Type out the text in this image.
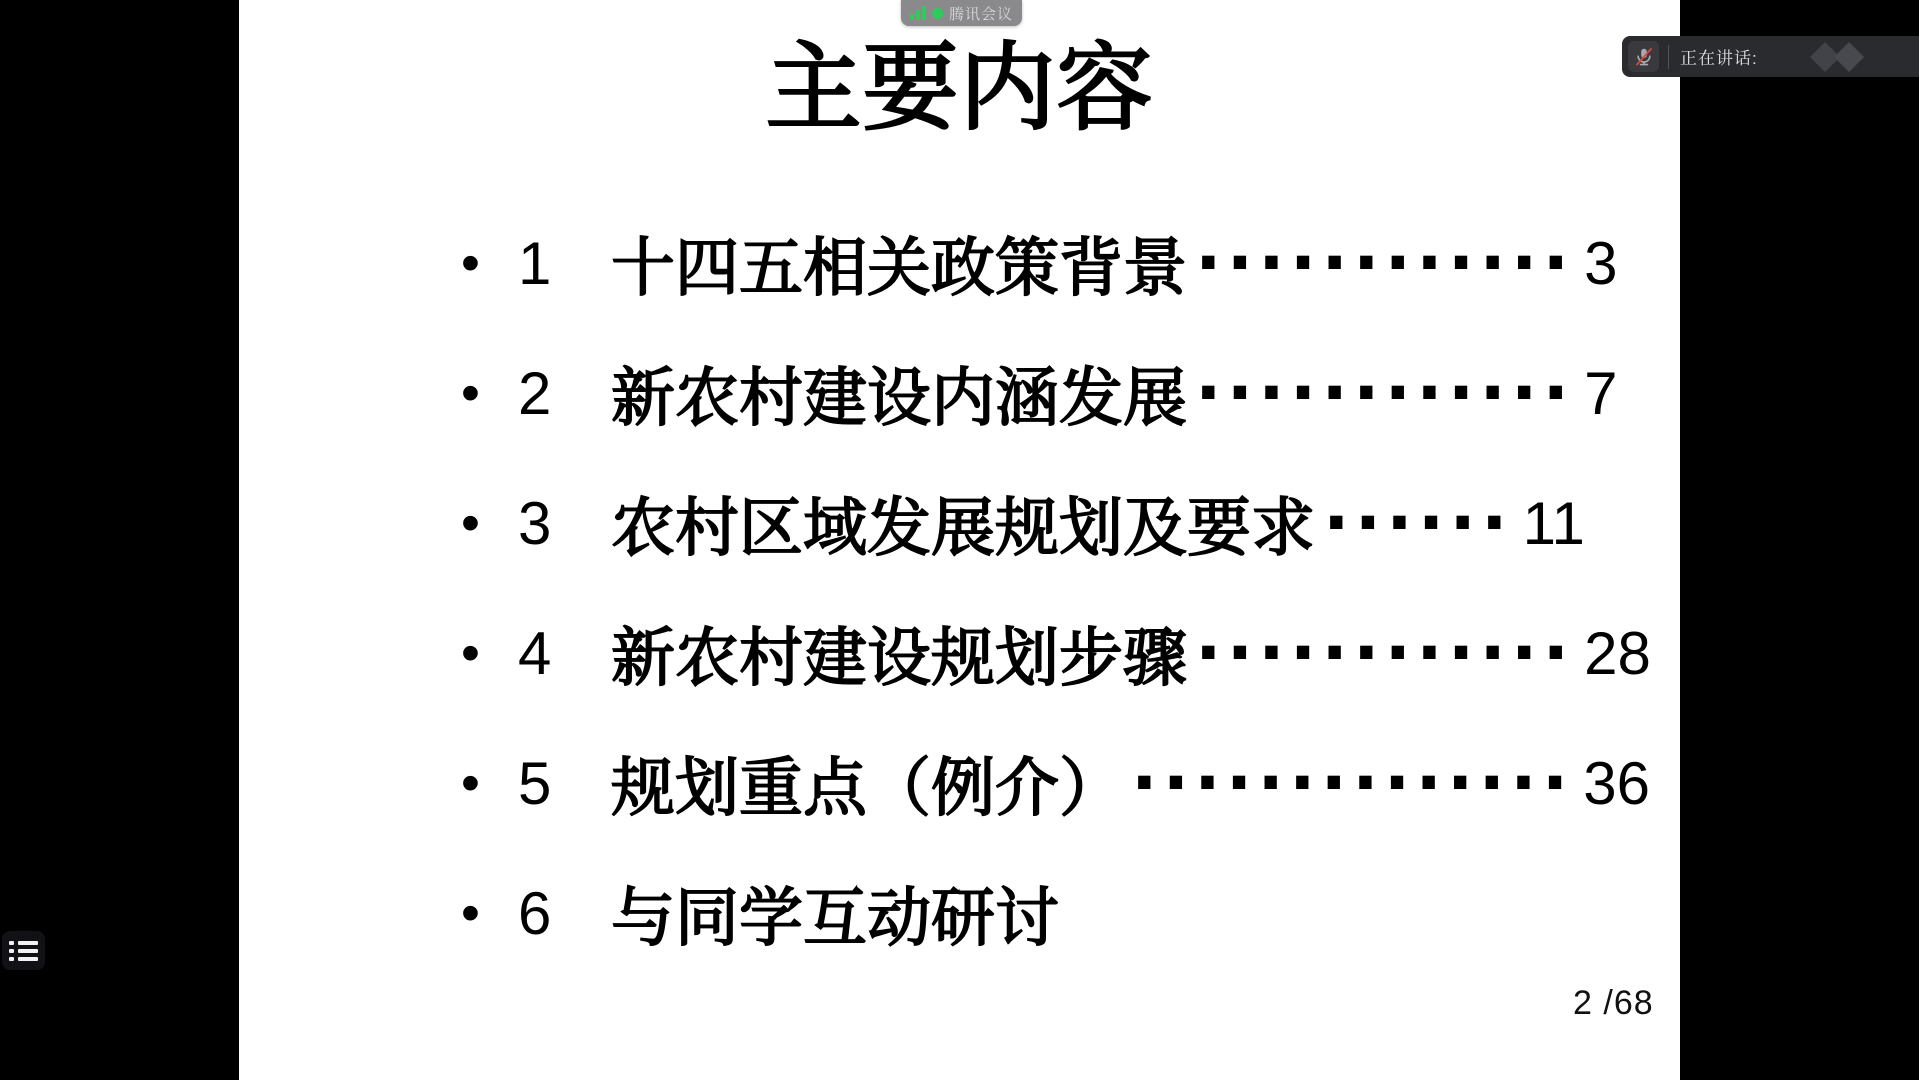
主要内容
• 1 十四五相关政策背景 ············ 3
• 2 新农村建设内涵发展 ············ 7
• 3 农村区域发展规划及要求 ······ 11
• 4 新农村建设规划步骤 ············ 28
• 5 规划重点（例介） ·············· 36
• 6 与同学互动研讨
2 /68
腾讯会议
正在讲话:
